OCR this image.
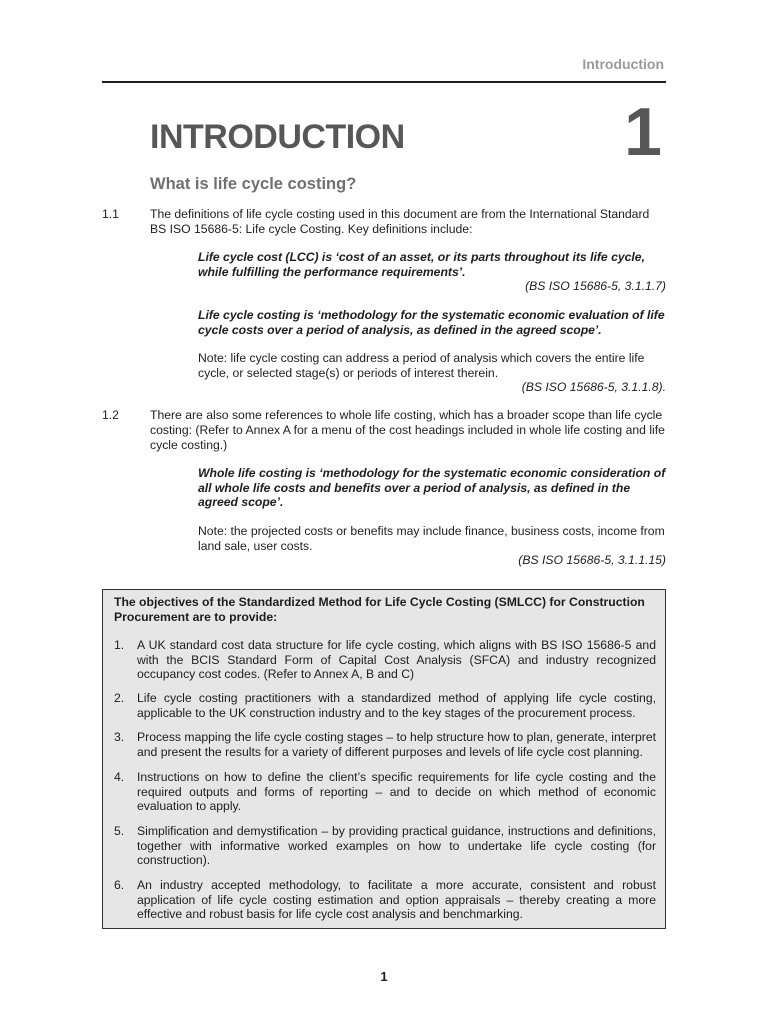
Introduction
INTRODUCTION	1
What is life cycle costing?
1.1	The definitions of life cycle costing used in this document are from the International Standard BS ISO 15686-5: Life cycle Costing. Key definitions include:
Life cycle cost (LCC) is ‘cost of an asset, or its parts throughout its life cycle, while fulfilling the performance requirements’.
(BS ISO 15686-5, 3.1.1.7)
Life cycle costing is ‘methodology for the systematic economic evaluation of life cycle costs over a period of analysis, as defined in the agreed scope’.
Note: life cycle costing can address a period of analysis which covers the entire life cycle, or selected stage(s) or periods of interest therein.
(BS ISO 15686-5, 3.1.1.8).
1.2	There are also some references to whole life costing, which has a broader scope than life cycle costing: (Refer to Annex A for a menu of the cost headings included in whole life costing and life cycle costing.)
Whole life costing is ‘methodology for the systematic economic consideration of all whole life costs and benefits over a period of analysis, as defined in the agreed scope’.
Note: the projected costs or benefits may include finance, business costs, income from land sale, user costs.
(BS ISO 15686-5, 3.1.1.15)
The objectives of the Standardized Method for Life Cycle Costing (SMLCC) for Construction Procurement are to provide:
1. A UK standard cost data structure for life cycle costing, which aligns with BS ISO 15686-5 and with the BCIS Standard Form of Capital Cost Analysis (SFCA) and industry recognized occupancy cost codes. (Refer to Annex A, B and C)
2. Life cycle costing practitioners with a standardized method of applying life cycle costing, applicable to the UK construction industry and to the key stages of the procurement process.
3. Process mapping the life cycle costing stages – to help structure how to plan, generate, interpret and present the results for a variety of different purposes and levels of life cycle cost planning.
4. Instructions on how to define the client’s specific requirements for life cycle costing and the required outputs and forms of reporting – and to decide on which method of economic evaluation to apply.
5. Simplification and demystification – by providing practical guidance, instructions and definitions, together with informative worked examples on how to undertake life cycle costing (for construction).
6. An industry accepted methodology, to facilitate a more accurate, consistent and robust application of life cycle costing estimation and option appraisals – thereby creating a more effective and robust basis for life cycle cost analysis and benchmarking.
1
